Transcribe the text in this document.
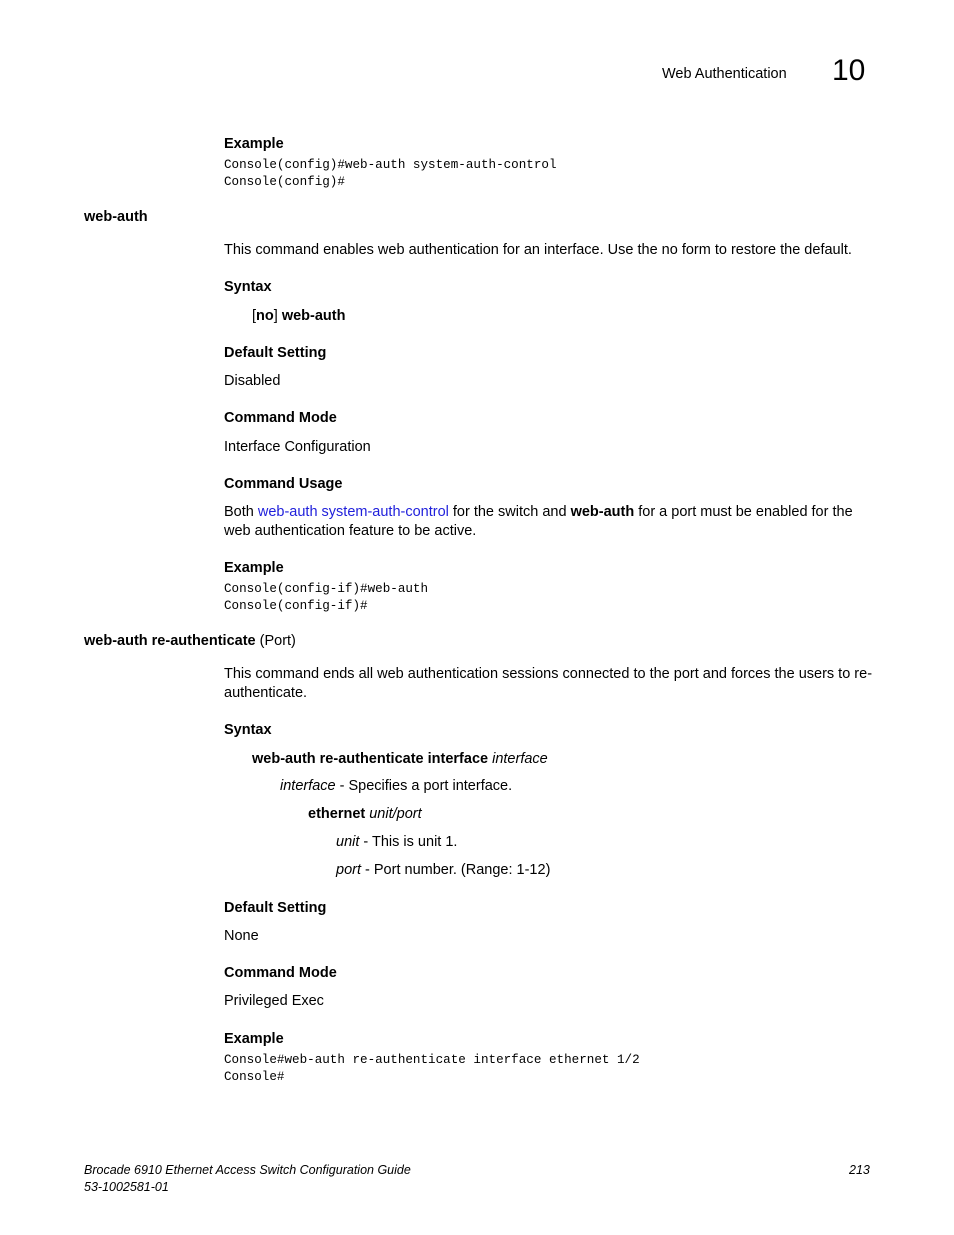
Web Authentication 10
Example
Console(config)#web-auth system-auth-control
Console(config)#
web-auth
This command enables web authentication for an interface. Use the no form to restore the default.
Syntax
[no] web-auth
Default Setting
Disabled
Command Mode
Interface Configuration
Command Usage
Both web-auth system-auth-control for the switch and web-auth for a port must be enabled for the web authentication feature to be active.
Example
Console(config-if)#web-auth
Console(config-if)#
web-auth re-authenticate (Port)
This command ends all web authentication sessions connected to the port and forces the users to re-authenticate.
Syntax
web-auth re-authenticate interface interface
interface - Specifies a port interface.
ethernet unit/port
unit - This is unit 1.
port - Port number. (Range: 1-12)
Default Setting
None
Command Mode
Privileged Exec
Example
Console#web-auth re-authenticate interface ethernet 1/2
Console#
Brocade 6910 Ethernet Access Switch Configuration Guide
53-1002581-01
213
